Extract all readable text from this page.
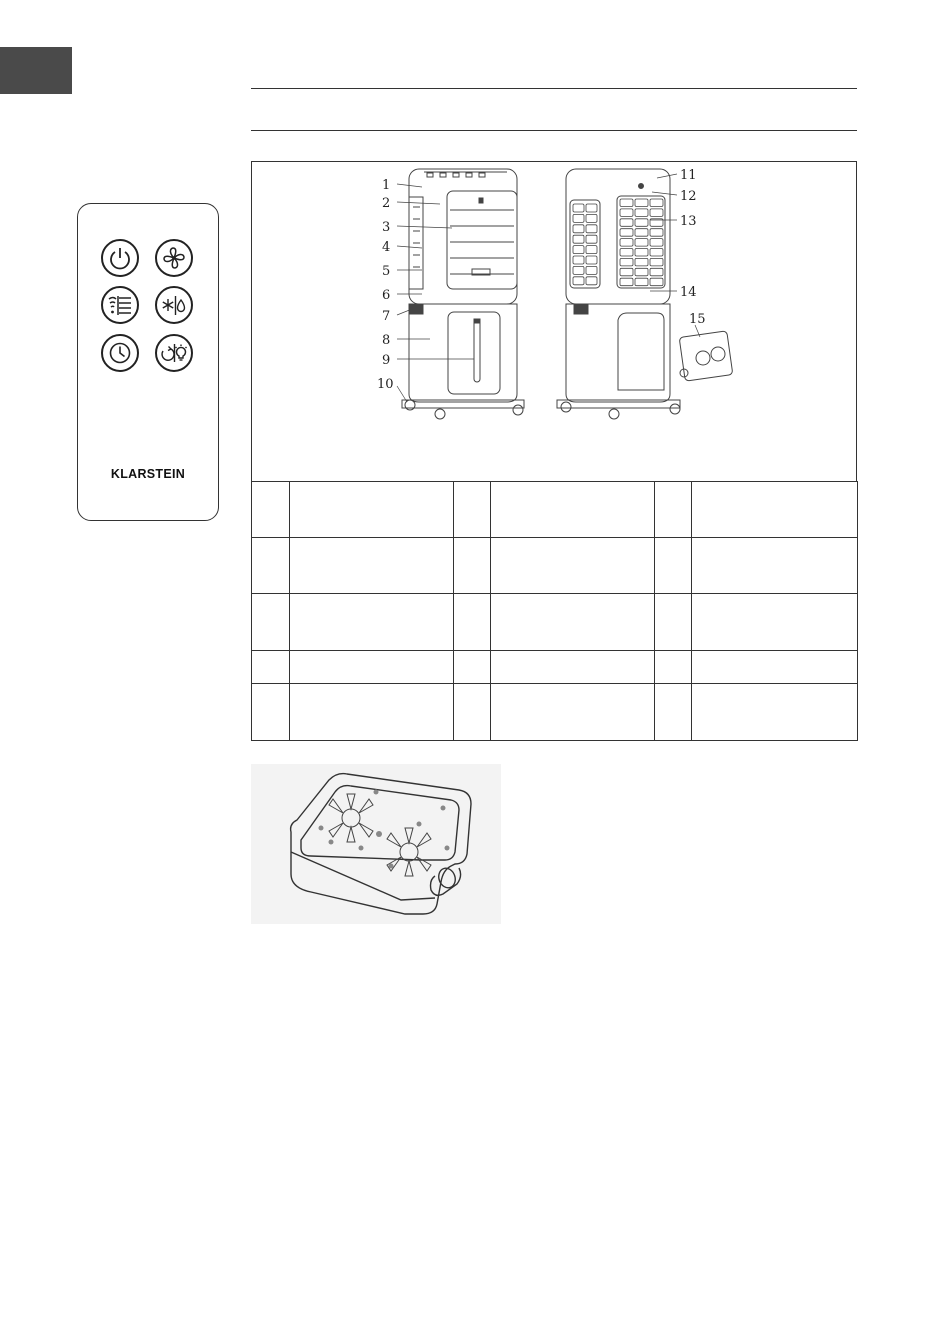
KLARSTEIN
1
2
3
4
5
6
7
8
9
10
11
12
13
14
15
